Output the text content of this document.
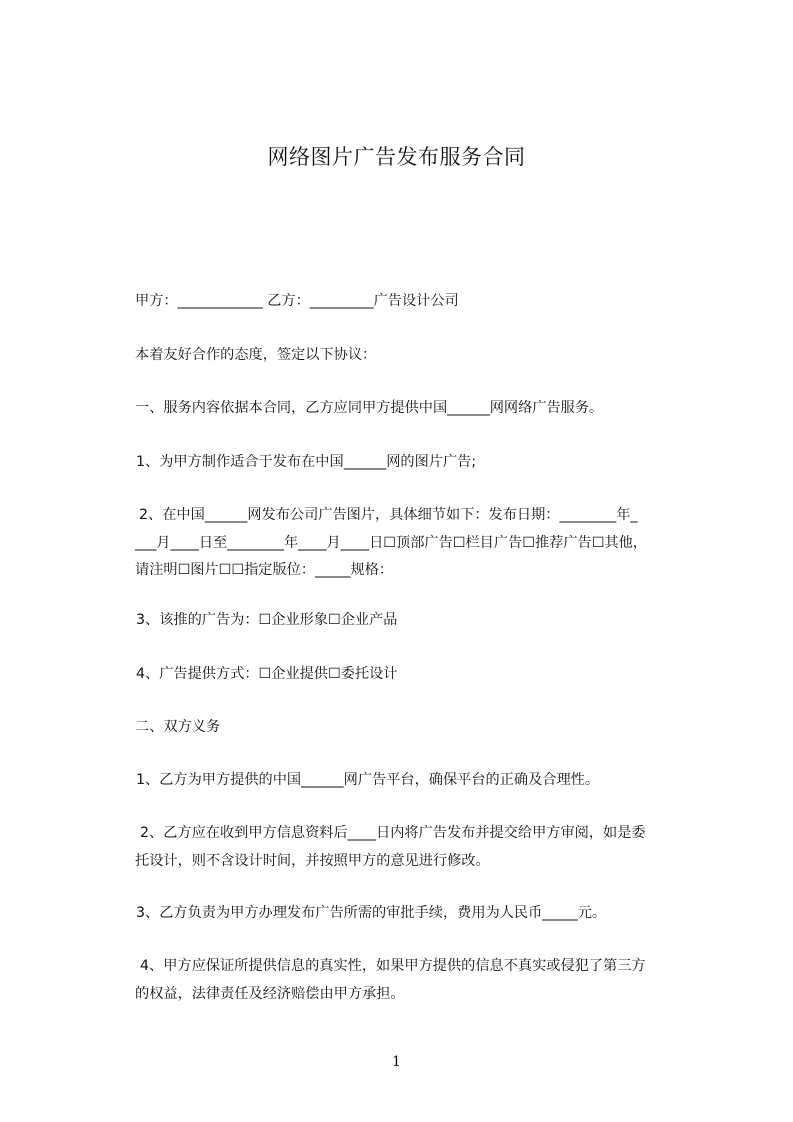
网络图片广告发布服务合同
甲方：____________ 乙方：_________广告设计公司
本着友好合作的态度，签定以下协议：
一、服务内容依据本合同，乙方应同甲方提供中国______网网络广告服务。
1、为甲方制作适合于发布在中国______网的图片广告;
2、在中国______网发布公司广告图片，具体细节如下：发布日期：________年_
___月____日至________年____月____日☐顶部广告☐栏目广告☐推荐广告☐其他，
请注明☐图片☐☐指定版位：_____规格：
3、该推的广告为：☐企业形象☐企业产品
4、广告提供方式：☐企业提供☐委托设计
二、双方义务
1、乙方为甲方提供的中国______网广告平台，确保平台的正确及合理性。
2、乙方应在收到甲方信息资料后____日内将广告发布并提交给甲方审阅，如是委
托设计，则不含设计时间，并按照甲方的意见进行修改。
3、乙方负责为甲方办理发布广告所需的审批手续，费用为人民币_____元。
4、甲方应保证所提供信息的真实性，如果甲方提供的信息不真实或侵犯了第三方
的权益，法律责任及经济赔偿由甲方承担。
1
